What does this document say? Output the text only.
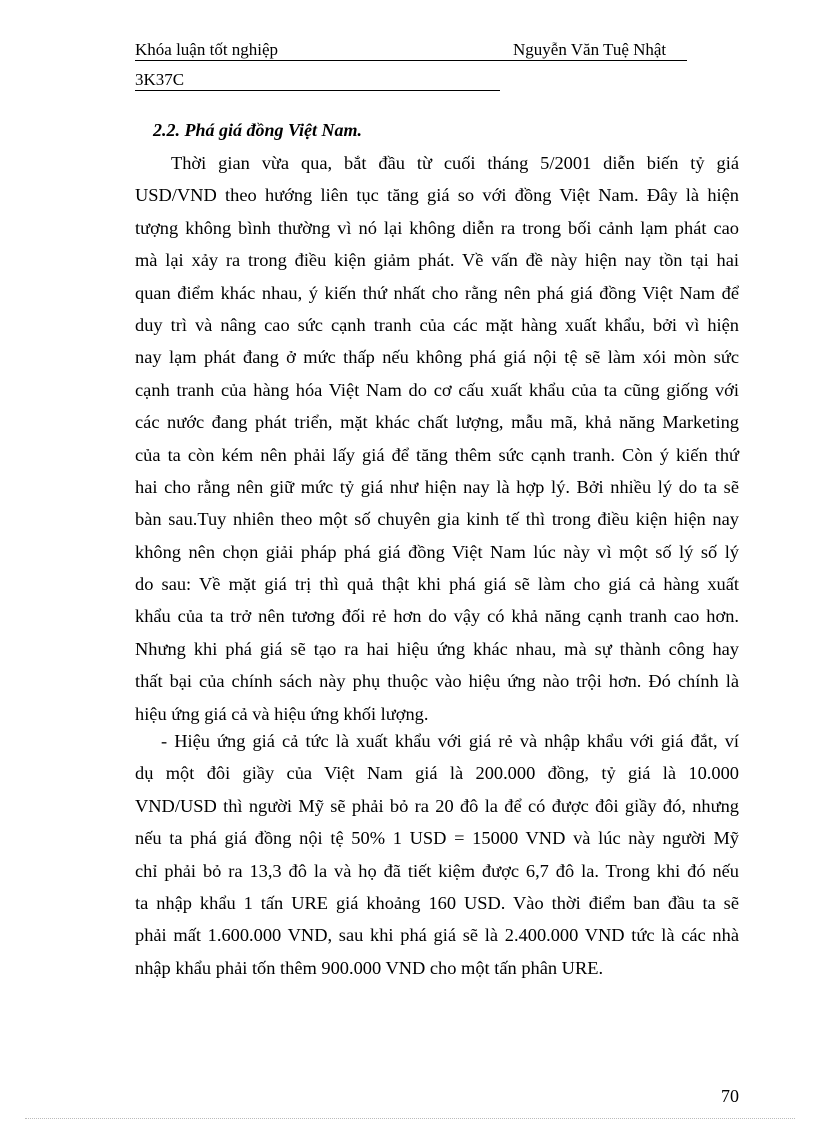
Khóa luận tốt nghiệp	Nguyễn Văn Tuệ Nhật
3K37C
2.2. Phá giá đồng Việt Nam.
Thời gian vừa qua, bắt đầu từ cuối tháng 5/2001 diễn biến tỷ giá
USD/VND theo hướng liên tục tăng giá so với đồng Việt Nam. Đây là hiện
tượng không bình thường vì nó lại không diễn ra trong bối cảnh lạm phát cao
mà lại xảy ra trong điều kiện giảm phát. Về vấn đề này hiện nay tồn tại hai
quan điểm khác nhau, ý kiến thứ nhất cho rằng nên phá giá đồng Việt Nam để
duy trì và nâng cao sức cạnh tranh của các mặt hàng xuất khẩu, bởi vì hiện
nay lạm phát đang ở mức thấp nếu không phá giá nội tệ sẽ làm xói mòn sức
cạnh tranh của hàng hóa Việt Nam do cơ cấu xuất khẩu của ta cũng giống với
các nước đang phát triển, mặt khác chất lượng, mẫu mã, khả năng Marketing
của ta còn kém nên phải lấy giá để tăng thêm sức cạnh tranh. Còn ý kiến thứ
hai cho rằng nên giữ mức tỷ giá như hiện nay là hợp lý. Bởi nhiều lý do ta sẽ
bàn sau.Tuy nhiên theo một số chuyên gia kinh tế thì trong điều kiện hiện nay
không nên chọn giải pháp phá giá đồng Việt Nam lúc này vì một số lý số lý
do sau: Về mặt giá trị thì quả thật khi phá giá sẽ làm cho giá cả hàng xuất
khẩu của ta trở nên tương đối rẻ hơn do vậy có khả năng cạnh tranh cao hơn.
Nhưng khi phá giá sẽ tạo ra hai hiệu ứng khác nhau, mà sự thành công hay
thất bại của chính sách này phụ thuộc vào hiệu ứng nào trội hơn. Đó chính là
hiệu ứng giá cả và hiệu ứng khối lượng.
- Hiệu ứng giá cả tức là xuất khẩu với giá rẻ và nhập khẩu với giá đắt, ví
dụ một đôi giầy của Việt Nam giá là 200.000 đồng, tỷ giá là 10.000
VND/USD thì người Mỹ sẽ phải bỏ ra 20 đô la để có được đôi giầy đó, nhưng
nếu ta phá giá đồng nội tệ 50% 1 USD = 15000 VND và lúc này người Mỹ
chỉ phải bỏ ra 13,3 đô la và họ đã tiết kiệm được 6,7 đô la. Trong khi đó nếu
ta nhập khẩu 1 tấn URE giá khoảng 160 USD. Vào thời điểm ban đầu ta sẽ
phải mất 1.600.000 VND, sau khi phá giá sẽ là 2.400.000 VND tức là các nhà
nhập khẩu phải tốn thêm 900.000 VND cho một tấn phân URE.
70
